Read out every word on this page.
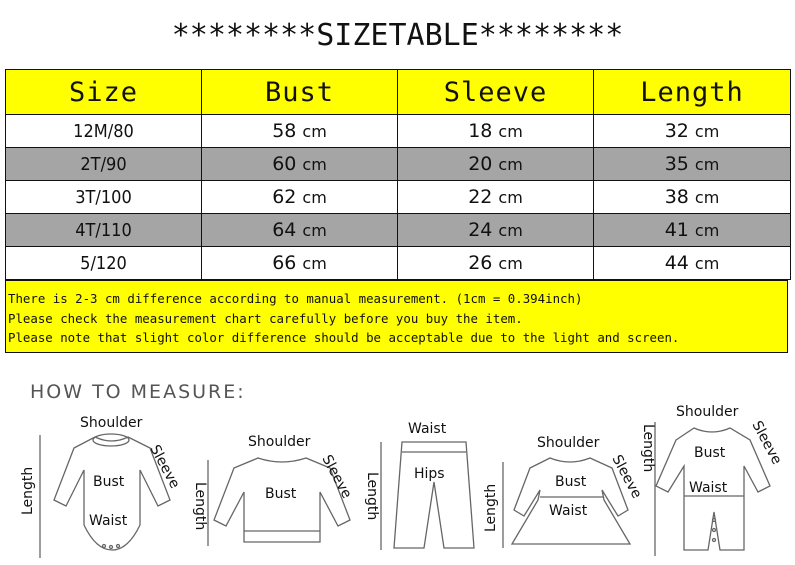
********SIZETABLE********
Size	Bust	Sleeve	Length
12M/80	58 cm	18 cm	32 cm
2T/90	60 cm	20 cm	35 cm
3T/100	62 cm	22 cm	38 cm
4T/110	64 cm	24 cm	41 cm
5/120	66 cm	26 cm	44 cm
There is 2-3 cm difference according to manual measurement. (1cm = 0.394inch)
Please check the measurement chart carefully before you buy the item.
Please note that slight color difference should be acceptable due to the light and screen.
HOW TO MEASURE:
Shoulder
Sleeve
Length	Bust
Waist
Shoulder
Sleeve
Length	Bust
Waist
Length Hips
Shoulder
Sleeve
Length
Bust
Waist
Shoulder
Sleeve
Length	Bust
Waist
